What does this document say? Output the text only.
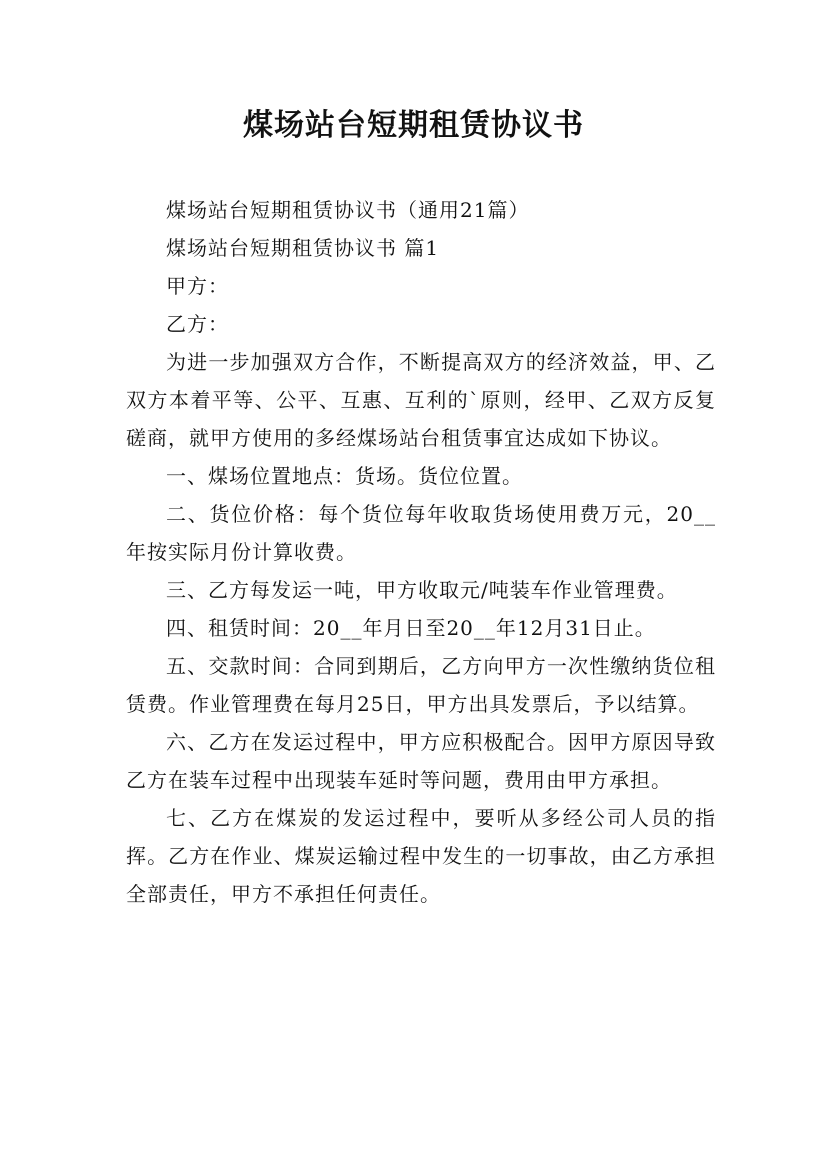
煤场站台短期租赁协议书

煤场站台短期租赁协议书（通用21篇）

煤场站台短期租赁协议书 篇1

甲方：

乙方：

为进一步加强双方合作，不断提高双方的经济效益，甲、乙双方本着平等、公平、互惠、互利的`原则，经甲、乙双方反复磋商，就甲方使用的多经煤场站台租赁事宜达成如下协议。

一、煤场位置地点：货场。货位位置。

二、货位价格：每个货位每年收取货场使用费万元，20__年按实际月份计算收费。

三、乙方每发运一吨，甲方收取元/吨装车作业管理费。

四、租赁时间：20__年月日至20__年12月31日止。

五、交款时间：合同到期后，乙方向甲方一次性缴纳货位租赁费。作业管理费在每月25日，甲方出具发票后，予以结算。

六、乙方在发运过程中，甲方应积极配合。因甲方原因导致乙方在装车过程中出现装车延时等问题，费用由甲方承担。

七、乙方在煤炭的发运过程中，要听从多经公司人员的指挥。乙方在作业、煤炭运输过程中发生的一切事故，由乙方承担全部责任，甲方不承担任何责任。
